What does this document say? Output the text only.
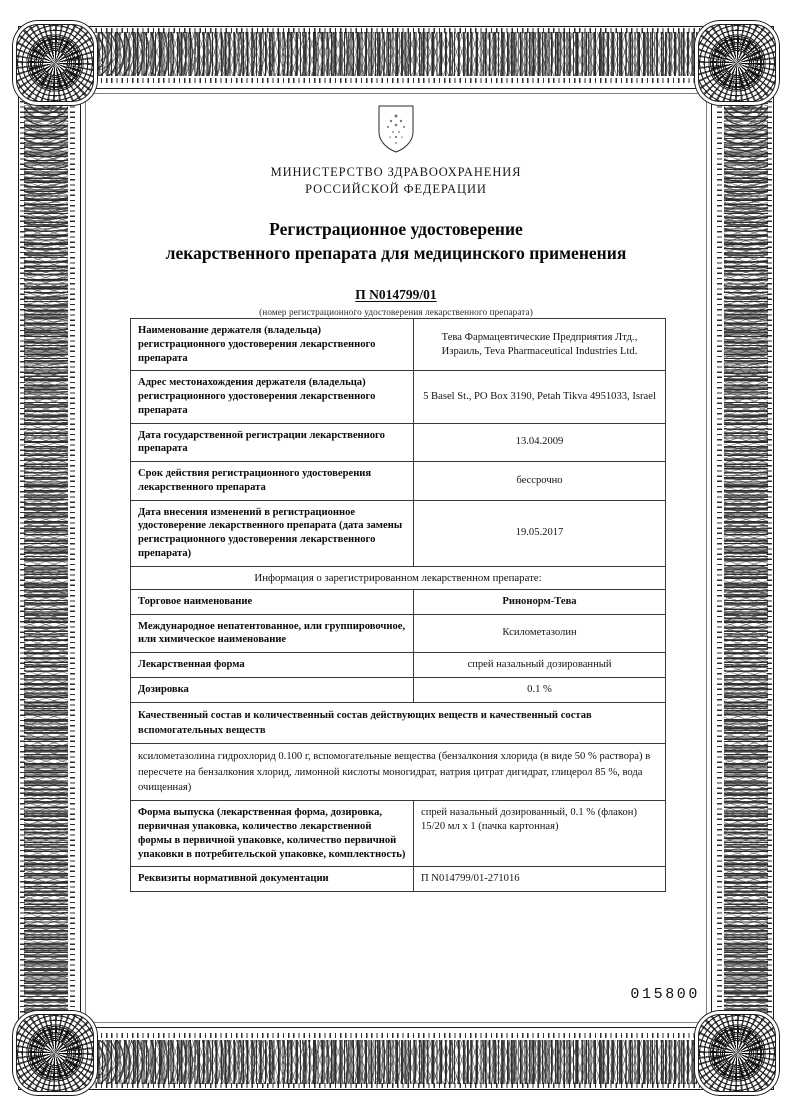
МИНИСТЕРСТВО ЗДРАВООХРАНЕНИЯ
РОССИЙСКОЙ ФЕДЕРАЦИИ
Регистрационное удостоверение
лекарственного препарата для медицинского применения
П N014799/01
(номер регистрационного удостоверения лекарственного препарата)
Наименование держателя (владельца) регистрационного удостоверения лекарственного препарата	Тева Фармацевтические Предприятия Лтд., Израиль, Teva Pharmaceutical Industries Ltd.
Адрес местонахождения держателя (владельца) регистрационного удостоверения лекарственного препарата	5 Basel St., PO Box 3190, Petah Tikva 4951033, Israel
Дата государственной регистрации лекарственного препарата	13.04.2009
Срок действия регистрационного удостоверения лекарственного препарата	бессрочно
Дата внесения изменений в регистрационное удостоверение лекарственного препарата (дата замены регистрационного удостоверения лекарственного препарата)	19.05.2017
Информация о зарегистрированном лекарственном препарате:	
Торговое наименование	Ринонорм-Тева
Международное непатентованное, или группировочное, или химическое наименование	Ксилометазолин
Лекарственная форма	спрей назальный дозированный
Дозировка	0.1 %
Качественный состав и количественный состав действующих веществ и качественный состав вспомогательных веществ	
ксилометазолина гидрохлорид 0.100 г, вспомогательные вещества (бензалкония хлорида (в виде 50 % раствора) в пересчете на бензалкония хлорид, лимонной кислоты моногидрат, натрия цитрат дигидрат, глицерол 85 %, вода очищенная)	
Форма выпуска (лекарственная форма, дозировка, первичная упаковка, количество лекарственной формы в первичной упаковке, количество первичной упаковки в потребительской упаковке, комплектность)	спрей назальный дозированный, 0.1 % (флакон) 15/20 мл х 1 (пачка картонная)
Реквизиты нормативной документации	П N014799/01-271016
015800
